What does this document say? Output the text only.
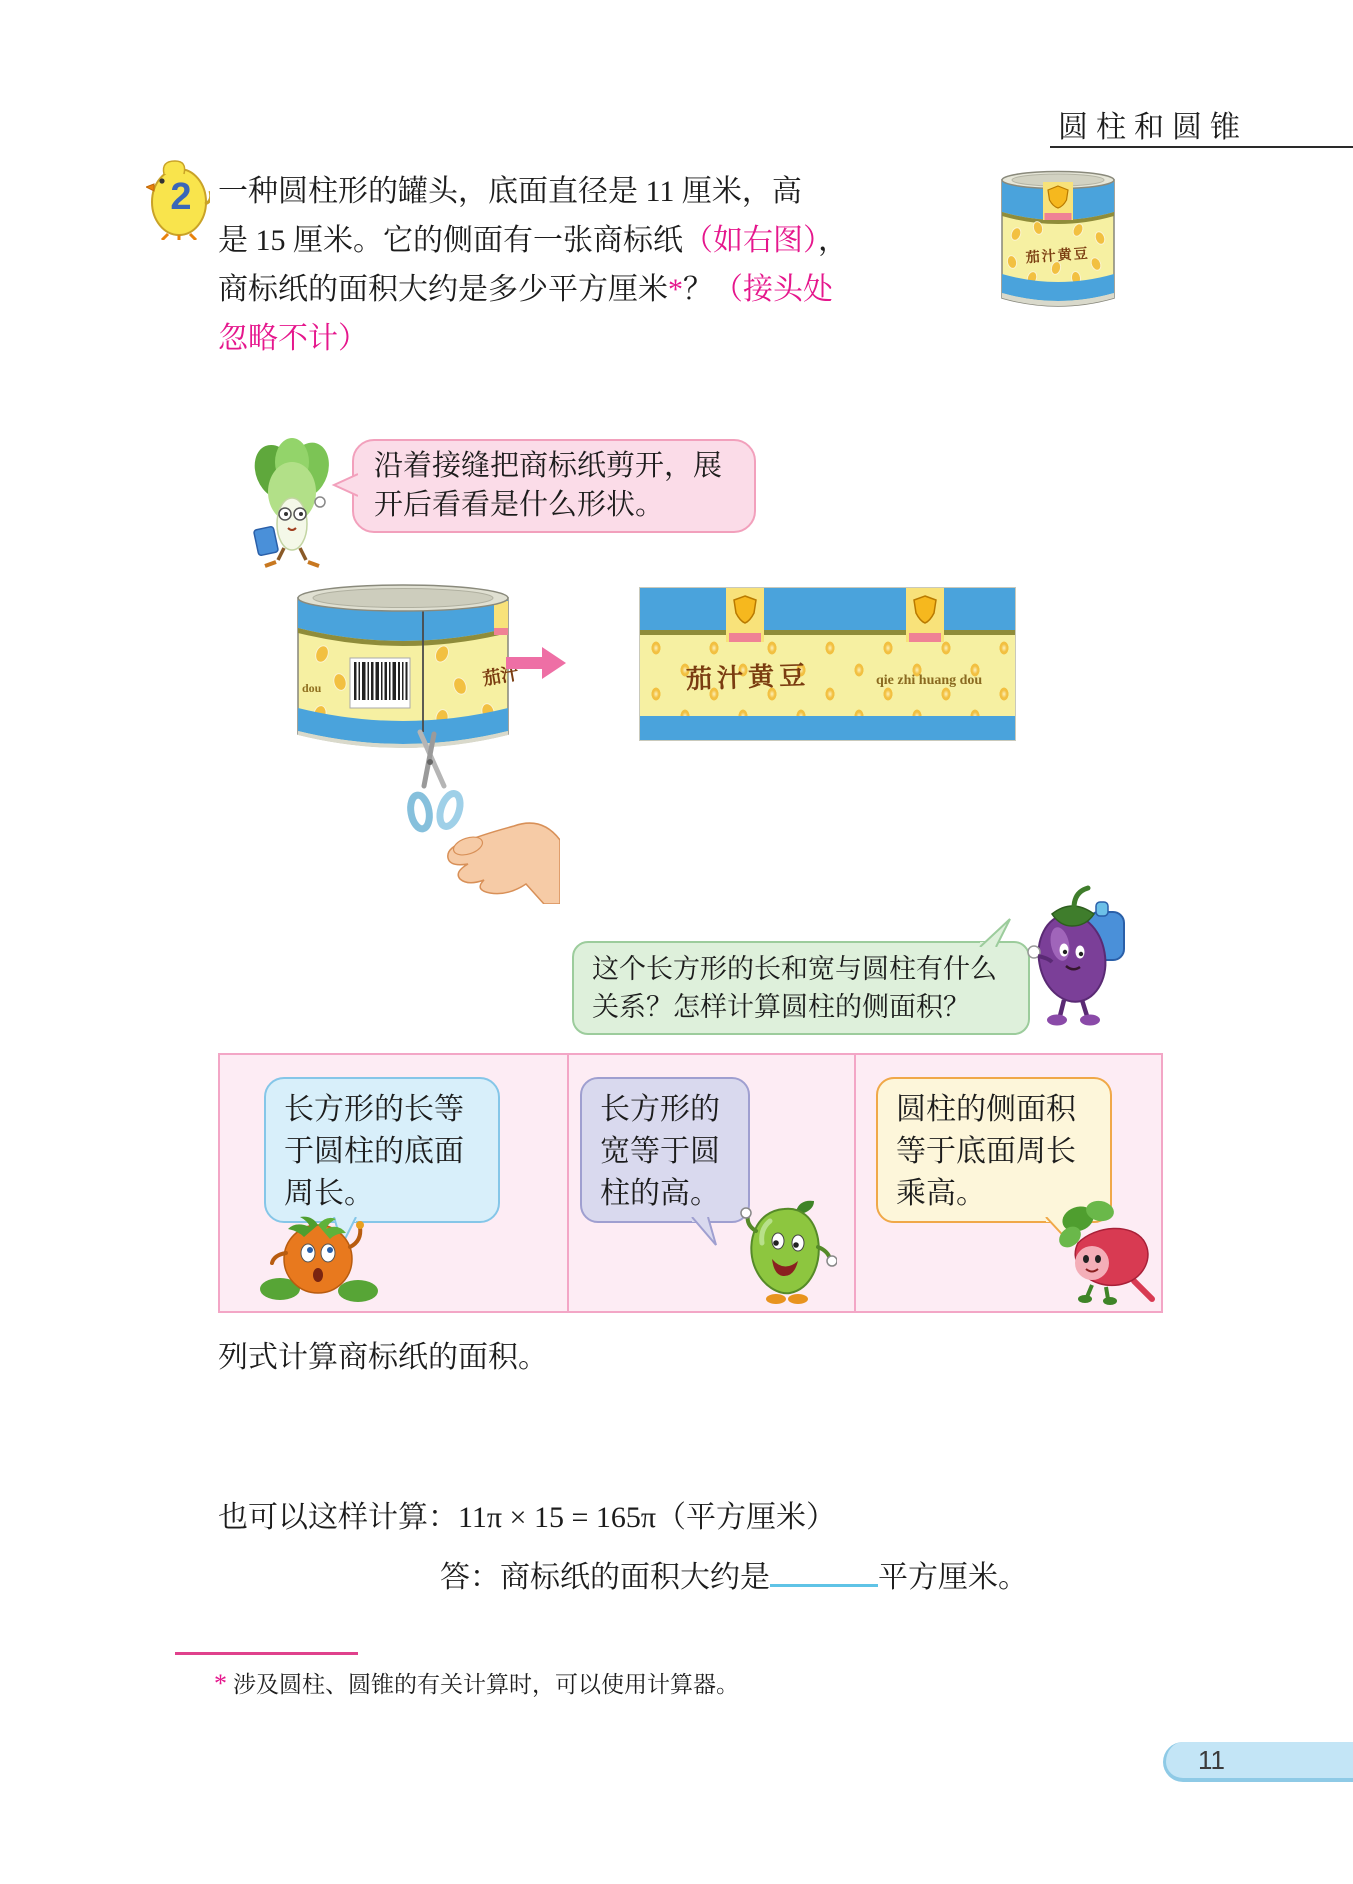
圆柱和圆锥
2 一种圆柱形的罐头，底面直径是 11 厘米，高
是 15 厘米。它的侧面有一张商标纸（如右图），
商标纸的面积大约是多少平方厘米*？（接头处
忽略不计）
茄汁黄豆
沿着接缝把商标纸剪开，展开后看看是什么形状。
dou	茄汁	茄汁黄豆	qie zhi huang dou
这个长方形的长和宽与圆柱有什么关系？怎样计算圆柱的侧面积？
长方形的长等于圆柱的底面周长。
长方形的宽等于圆柱的高。
圆柱的侧面积等于底面周长乘高。
列式计算商标纸的面积。
也可以这样计算：11π × 15 = 165π（平方厘米）
答：商标纸的面积大约是	平方厘米。
* 涉及圆柱、圆锥的有关计算时，可以使用计算器。
11
